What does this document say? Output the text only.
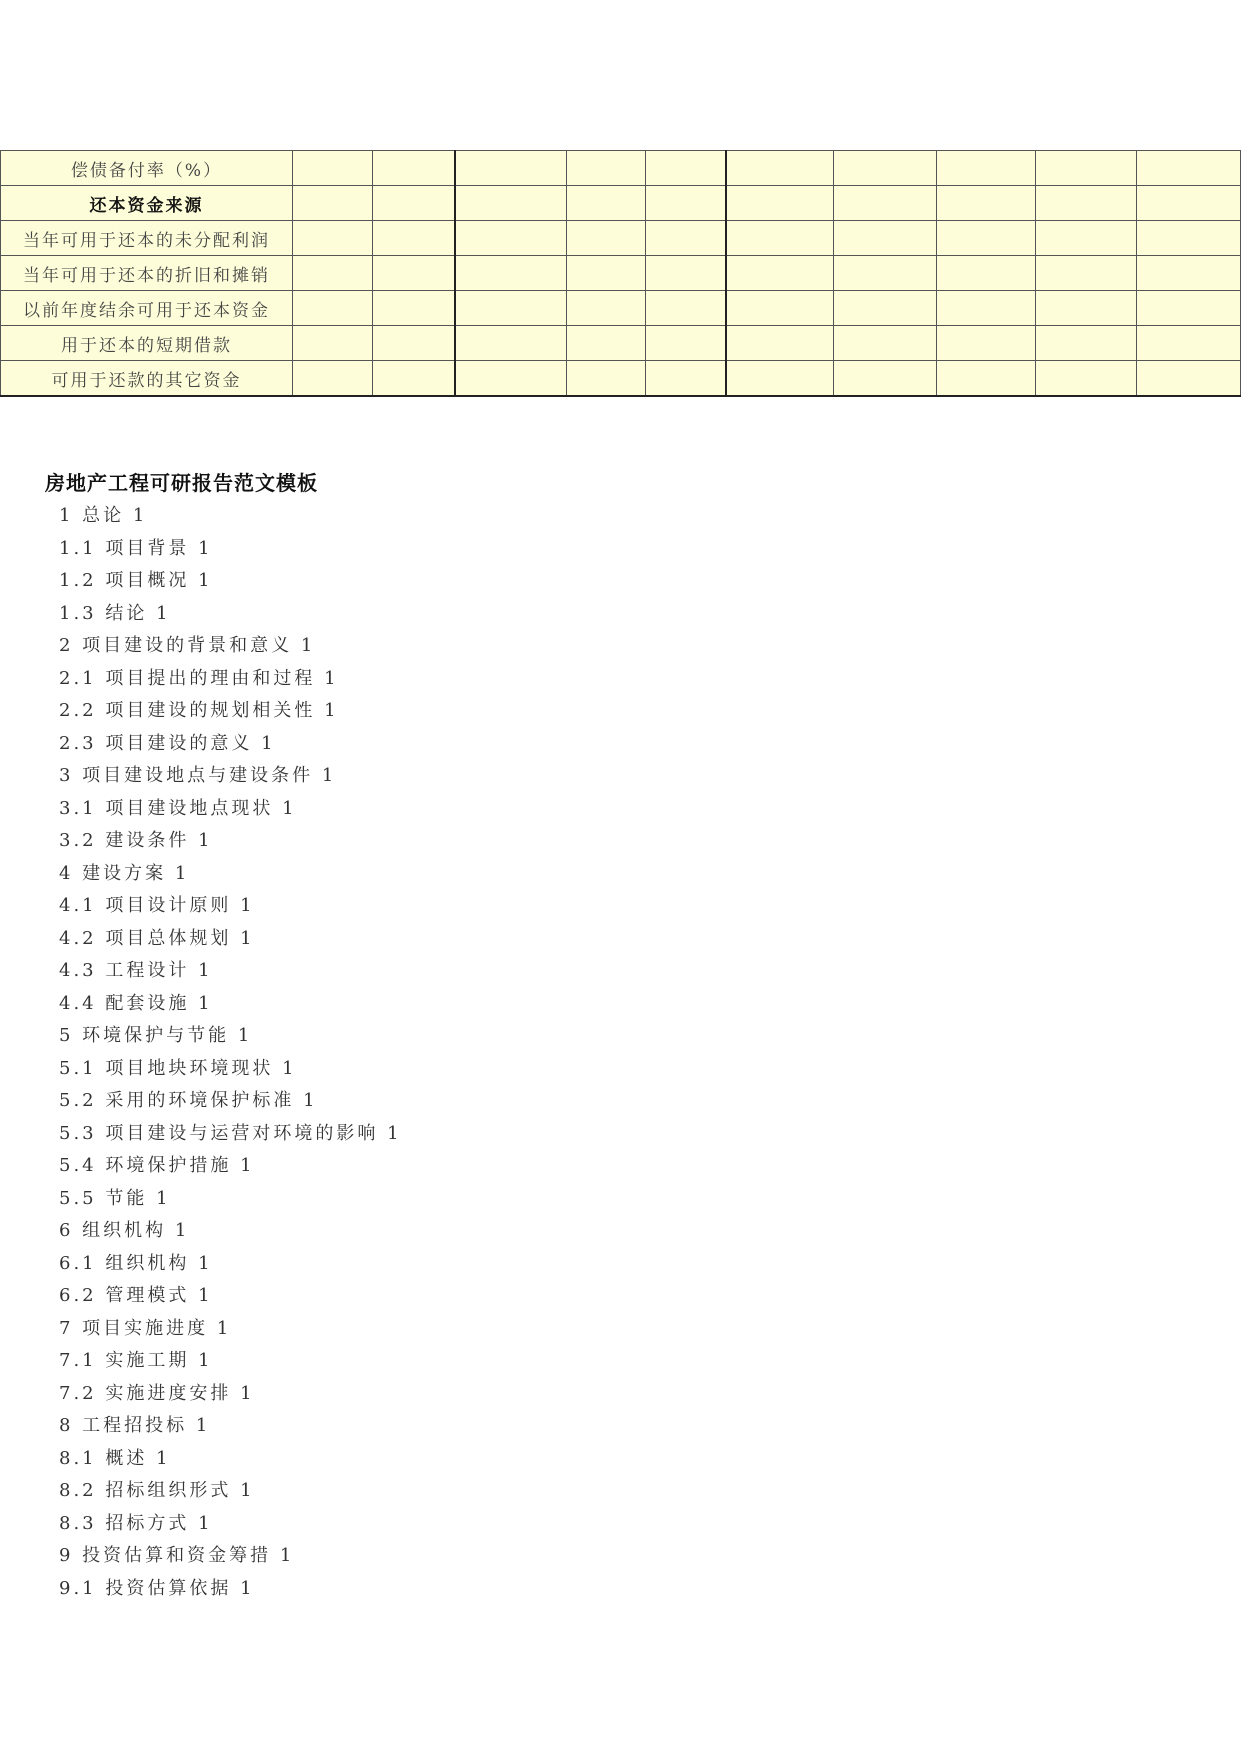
偿债备付率（%）										
还本资金来源										
当年可用于还本的未分配利润										
当年可用于还本的折旧和摊销										
以前年度结余可用于还本资金										
用于还本的短期借款										
可用于还款的其它资金										
房地产工程可研报告范文模板
1 总论 1
1.1 项目背景 1
1.2 项目概况 1
1.3 结论 1
2 项目建设的背景和意义 1
2.1 项目提出的理由和过程 1
2.2 项目建设的规划相关性 1
2.3 项目建设的意义 1
3 项目建设地点与建设条件 1
3.1 项目建设地点现状 1
3.2 建设条件 1
4 建设方案 1
4.1 项目设计原则 1
4.2 项目总体规划 1
4.3 工程设计 1
4.4 配套设施 1
5 环境保护与节能 1
5.1 项目地块环境现状 1
5.2 采用的环境保护标准 1
5.3 项目建设与运营对环境的影响 1
5.4 环境保护措施 1
5.5 节能 1
6 组织机构 1
6.1 组织机构 1
6.2 管理模式 1
7 项目实施进度 1
7.1 实施工期 1
7.2 实施进度安排 1
8 工程招投标 1
8.1 概述 1
8.2 招标组织形式 1
8.3 招标方式 1
9 投资估算和资金筹措 1
9.1 投资估算依据 1
